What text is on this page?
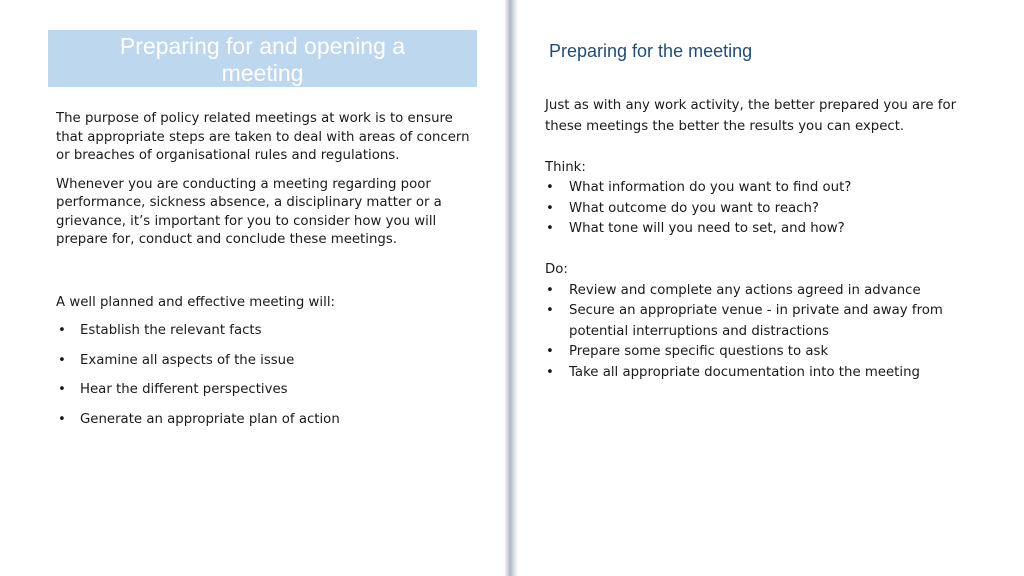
Preparing for and opening a meeting

The purpose of policy related meetings at work is to ensure that appropriate steps are taken to deal with areas of concern or breaches of organisational rules and regulations.

Whenever you are conducting a meeting regarding poor performance, sickness absence, a disciplinary matter or a grievance, it’s important for you to consider how you will prepare for, conduct and conclude these meetings.

A well planned and effective meeting will:

• Establish the relevant facts
• Examine all aspects of the issue
• Hear the different perspectives
• Generate an appropriate plan of action
Preparing for the meeting

Just as with any work activity, the better prepared you are for these meetings the better the results you can expect.

Think:

• What information do you want to find out?
• What outcome do you want to reach?
• What tone will you need to set, and how?

Do:

• Review and complete any actions agreed in advance
• Secure an appropriate venue - in private and away from potential interruptions and distractions
• Prepare some specific questions to ask
• Take all appropriate documentation into the meeting
